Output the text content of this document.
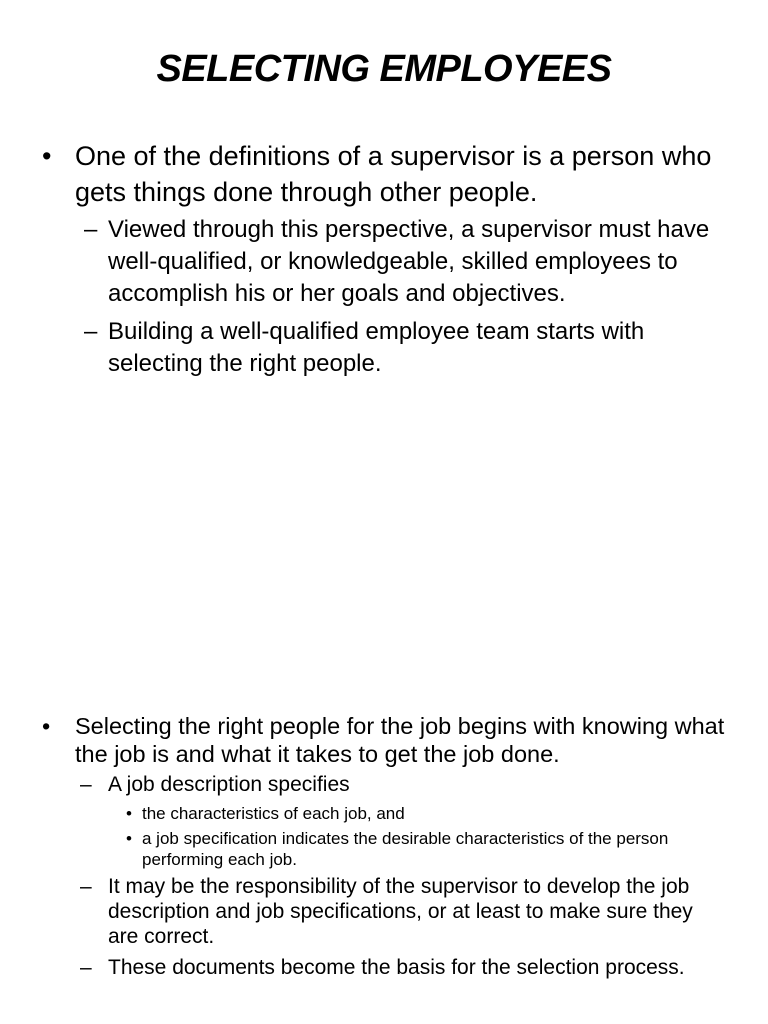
SELECTING EMPLOYEES
• One of the definitions of a supervisor is a person who gets things done through other people.
– Viewed through this perspective, a supervisor must have well-qualified, or knowledgeable, skilled employees to accomplish his or her goals and objectives.
– Building a well-qualified employee team starts with selecting the right people.
• Selecting the right people for the job begins with knowing what the job is and what it takes to get the job done.
– A job description specifies
• the characteristics of each job, and
• a job specification indicates the desirable characteristics of the person performing each job.
– It may be the responsibility of the supervisor to develop the job description and job specifications, or at least to make sure they are correct.
– These documents become the basis for the selection process.
